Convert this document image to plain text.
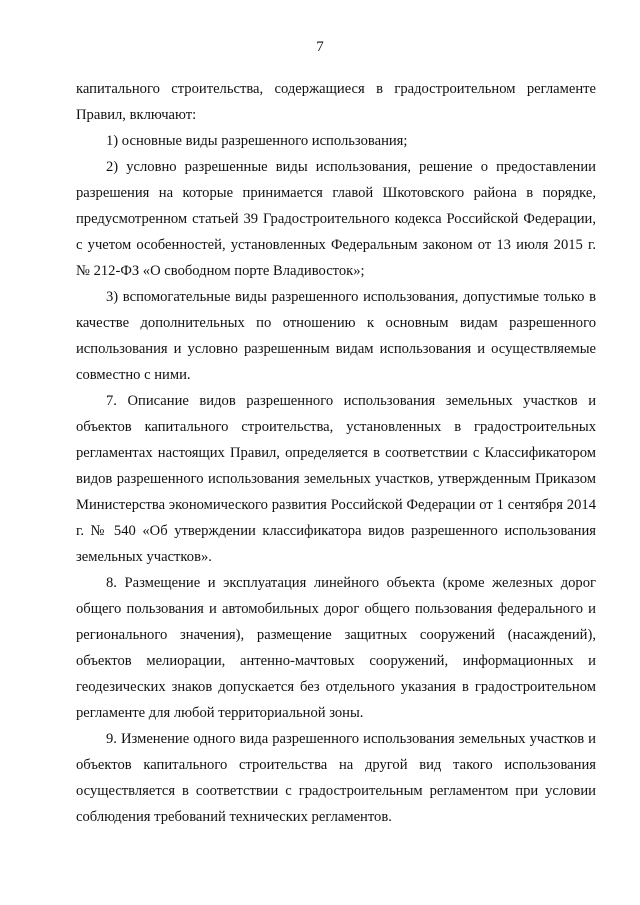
7

капитального строительства, содержащиеся в градостроительном регламенте Правил, включают:

1) основные виды разрешенного использования;

2) условно разрешенные виды использования, решение о предоставлении разрешения на которые принимается главой Шкотовского района в порядке, предусмотренном статьей 39 Градостроительного кодекса Российской Федерации, с учетом особенностей, установленных Федеральным законом от 13 июля 2015 г. № 212-ФЗ «О свободном порте Владивосток»;

3) вспомогательные виды разрешенного использования, допустимые только в качестве дополнительных по отношению к основным видам разрешенного использования и условно разрешенным видам использования и осуществляемые совместно с ними.

7. Описание видов разрешенного использования земельных участков и объектов капитального строительства, установленных в градостроительных регламентах настоящих Правил, определяется в соответствии с Классификатором видов разрешенного использования земельных участков, утвержденным Приказом Министерства экономического развития Российской Федерации от 1 сентября 2014 г. № 540 «Об утверждении классификатора видов разрешенного использования земельных участков».

8. Размещение и эксплуатация линейного объекта (кроме железных дорог общего пользования и автомобильных дорог общего пользования федерального и регионального значения), размещение защитных сооружений (насаждений), объектов мелиорации, антенно-мачтовых сооружений, информационных и геодезических знаков допускается без отдельного указания в градостроительном регламенте для любой территориальной зоны.

9. Изменение одного вида разрешенного использования земельных участков и объектов капитального строительства на другой вид такого использования осуществляется в соответствии с градостроительным регламентом при условии соблюдения требований технических регламентов.
